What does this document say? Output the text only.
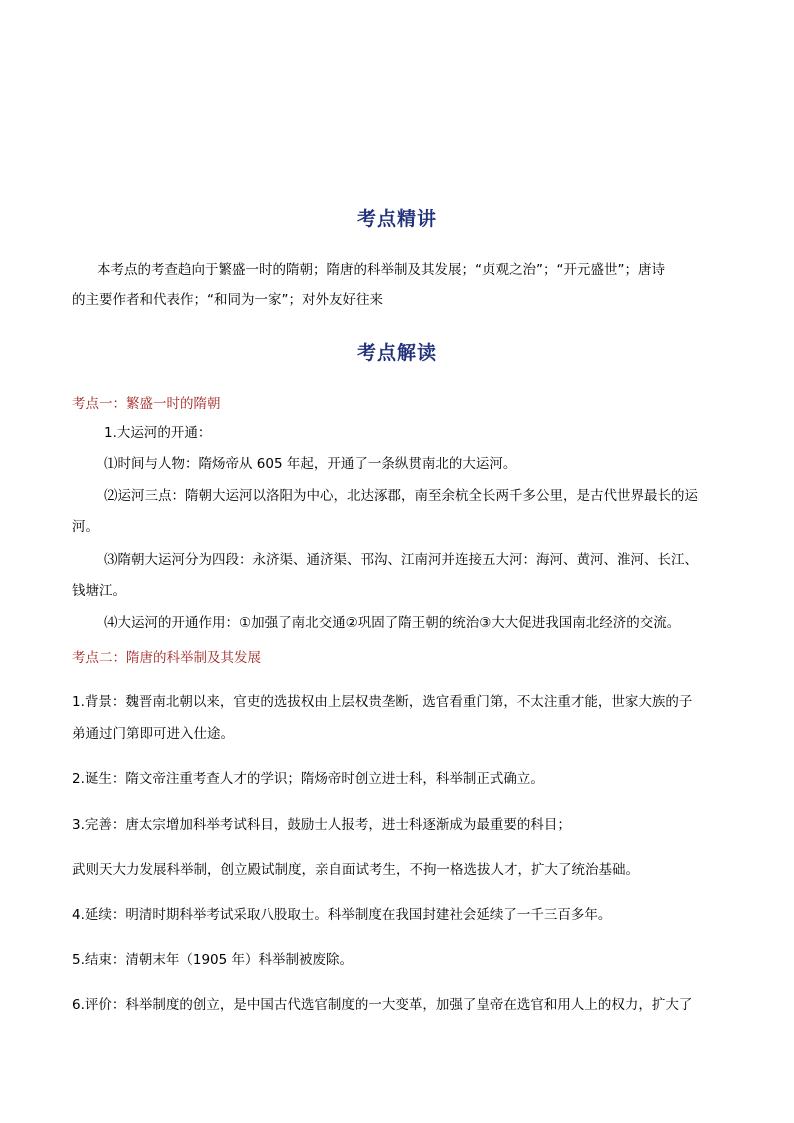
考点精讲
本考点的考查趋向于繁盛一时的隋朝；隋唐的科举制及其发展；“贞观之治”；“开元盛世”；唐诗
的主要作者和代表作；“和同为一家”；对外友好往来
考点解读
考点一：繁盛一时的隋朝
1.大运河的开通：
⑴时间与人物：隋炀帝从 605 年起，开通了一条纵贯南北的大运河。
⑵运河三点：隋朝大运河以洛阳为中心，北达涿郡，南至余杭全长两千多公里，是古代世界最长的运
河。
⑶隋朝大运河分为四段：永济渠、通济渠、邗沟、江南河并连接五大河：海河、黄河、淮河、长江、
钱塘江。
⑷大运河的开通作用：①加强了南北交通②巩固了隋王朝的统治③大大促进我国南北经济的交流。
考点二：隋唐的科举制及其发展
1.背景：魏晋南北朝以来，官吏的选拔权由上层权贵垄断，选官看重门第，不太注重才能，世家大族的子
弟通过门第即可进入仕途。
2.诞生：隋文帝注重考查人才的学识；隋炀帝时创立进士科，科举制正式确立。
3.完善：唐太宗增加科举考试科目，鼓励士人报考，进士科逐渐成为最重要的科目；
武则天大力发展科举制，创立殿试制度，亲自面试考生，不拘一格选拔人才，扩大了统治基础。
4.延续：明清时期科举考试采取八股取士。科举制度在我国封建社会延续了一千三百多年。
5.结束：清朝末年（1905 年）科举制被废除。
6.评价：科举制度的创立，是中国古代选官制度的一大变革，加强了皇帝在选官和用人上的权力，扩大了
